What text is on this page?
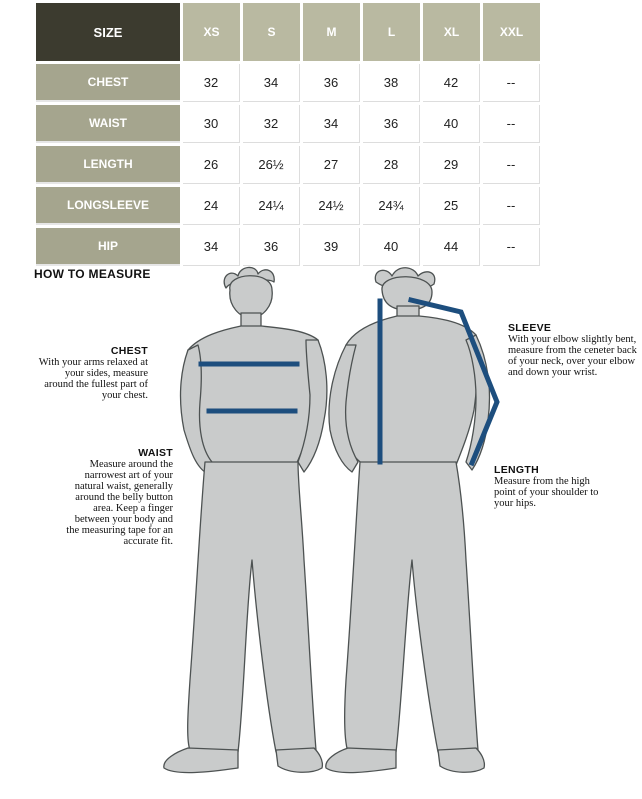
SIZE	XS	S	M	L	XL	XXL
CHEST	32	34	36	38	42	--
WAIST	30	32	34	36	40	--
LENGTH	26	26½	27	28	29	--
LONGSLEEVE	24	24¼	24½	24¾	25	--
HIP	34	36	39	40	44	--
HOW TO MEASURE
CHEST

With your arms relaxed at your sides, measure around the fullest part of your chest.

WAIST

Measure around the narrowest art of your natural waist, generally around the belly button area. Keep a finger between your body and the measuring tape for an accurate fit.

SLEEVE

With your elbow slightly bent, measure from the ceneter back of your neck, over your elbow and down your wrist.

LENGTH

Measure from the high point of your shoulder to your hips.
